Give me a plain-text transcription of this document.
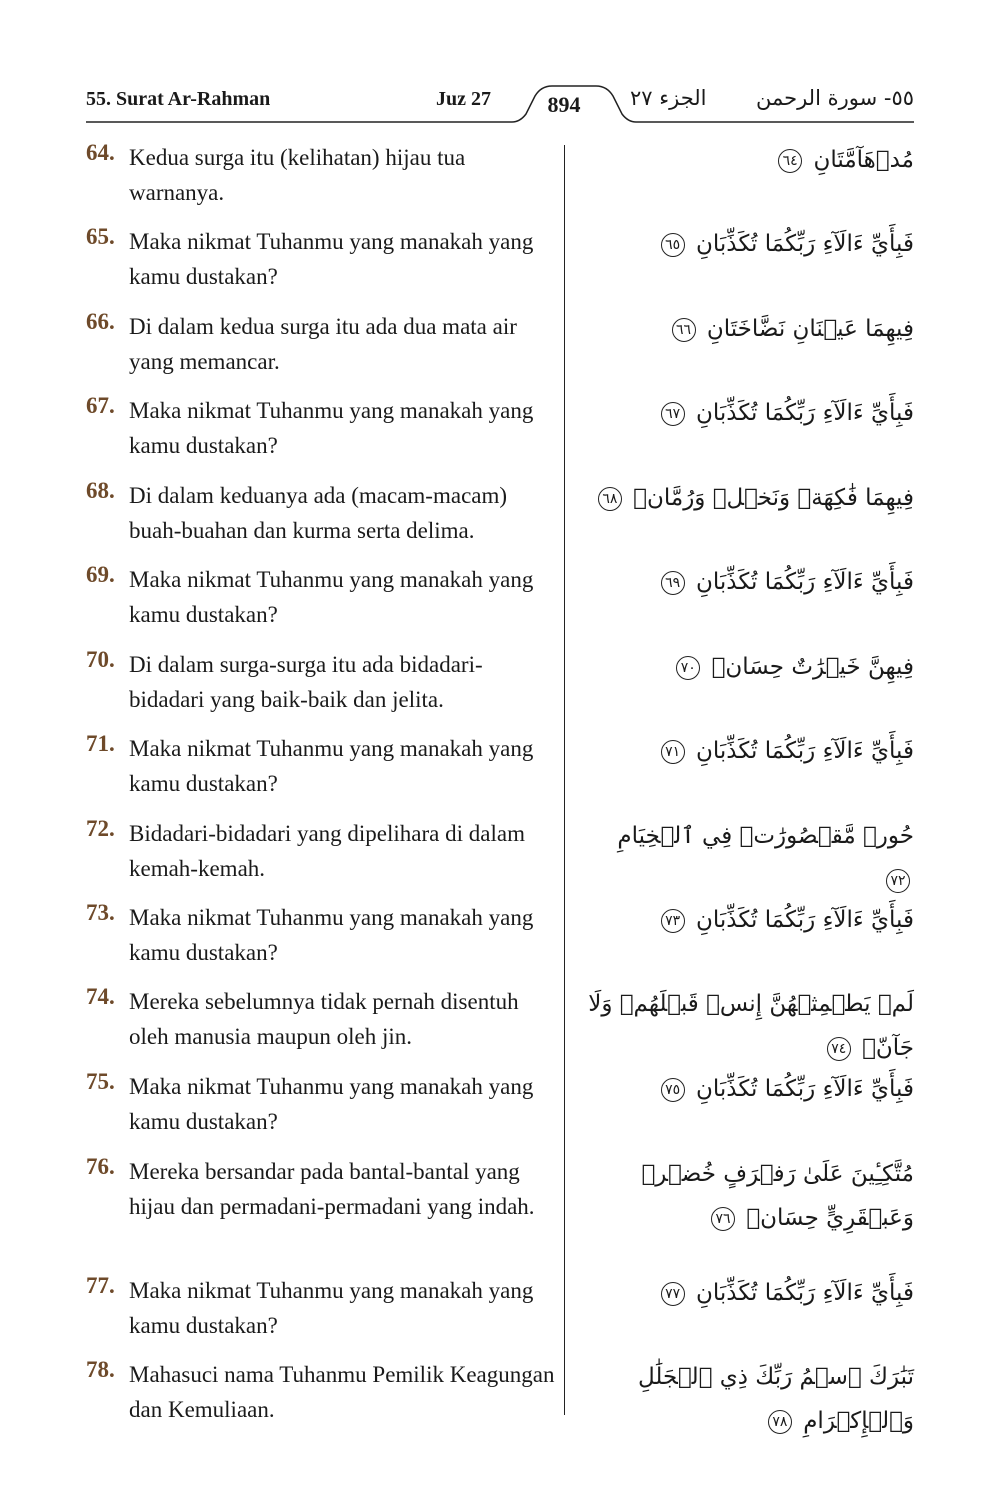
55. Surat Ar-Rahman	Juz 27	894	الجزء ٢٧ ٥٥- سورة الرحمن
64. Kedua surga itu (kelihatan) hijau tua warnanya.
مُدۡهَآمَّتَانِ ٦٤
65. Maka nikmat Tuhanmu yang manakah yang kamu dustakan?
فَبِأَيِّ ءَالَآءِ رَبِّكُمَا تُكَذِّبَانِ ٦٥
66. Di dalam kedua surga itu ada dua mata air yang memancar.
فِيهِمَا عَيۡنَانِ نَضَّاخَتَانِ ٦٦
67. Maka nikmat Tuhanmu yang manakah yang kamu dustakan?
فَبِأَيِّ ءَالَآءِ رَبِّكُمَا تُكَذِّبَانِ ٦٧
68. Di dalam keduanya ada (macam-macam) buah-buahan dan kurma serta delima.
فِيهِمَا فَٰكِهَةٞ وَنَخۡلٞ وَرُمَّانٞ ٦٨
69. Maka nikmat Tuhanmu yang manakah yang kamu dustakan?
فَبِأَيِّ ءَالَآءِ رَبِّكُمَا تُكَذِّبَانِ ٦٩
70. Di dalam surga-surga itu ada bidadari-bidadari yang baik-baik dan jelita.
فِيهِنَّ خَيۡرَٰتٌ حِسَانٞ ٧٠
71. Maka nikmat Tuhanmu yang manakah yang kamu dustakan?
فَبِأَيِّ ءَالَآءِ رَبِّكُمَا تُكَذِّبَانِ ٧١
72. Bidadari-bidadari yang dipelihara di dalam kemah-kemah.
حُورٞ مَّقۡصُورَٰتٞ فِي ٱلۡخِيَامِ ٧٢
73. Maka nikmat Tuhanmu yang manakah yang kamu dustakan?
فَبِأَيِّ ءَالَآءِ رَبِّكُمَا تُكَذِّبَانِ ٧٣
74. Mereka sebelumnya tidak pernah disentuh oleh manusia maupun oleh jin.
لَمۡ يَطۡمِثۡهُنَّ إِنسٞ قَبۡلَهُمۡ وَلَا جَآنّٞ ٧٤
75. Maka nikmat Tuhanmu yang manakah yang kamu dustakan?
فَبِأَيِّ ءَالَآءِ رَبِّكُمَا تُكَذِّبَانِ ٧٥
76. Mereka bersandar pada bantal-bantal yang hijau dan permadani-permadani yang indah.
مُتَّكِـِٔينَ عَلَىٰ رَفۡرَفٍ خُضۡرٖ وَعَبۡقَرِيٍّ حِسَانٖ ٧٦
77. Maka nikmat Tuhanmu yang manakah yang kamu dustakan?
فَبِأَيِّ ءَالَآءِ رَبِّكُمَا تُكَذِّبَانِ ٧٧
78. Mahasuci nama Tuhanmu Pemilik Keagungan dan Kemuliaan.
تَبَٰرَكَ ٱسۡمُ رَبِّكَ ذِي ٱلۡجَلَٰلِ وَٱلۡإِكۡرَامِ ٧٨
